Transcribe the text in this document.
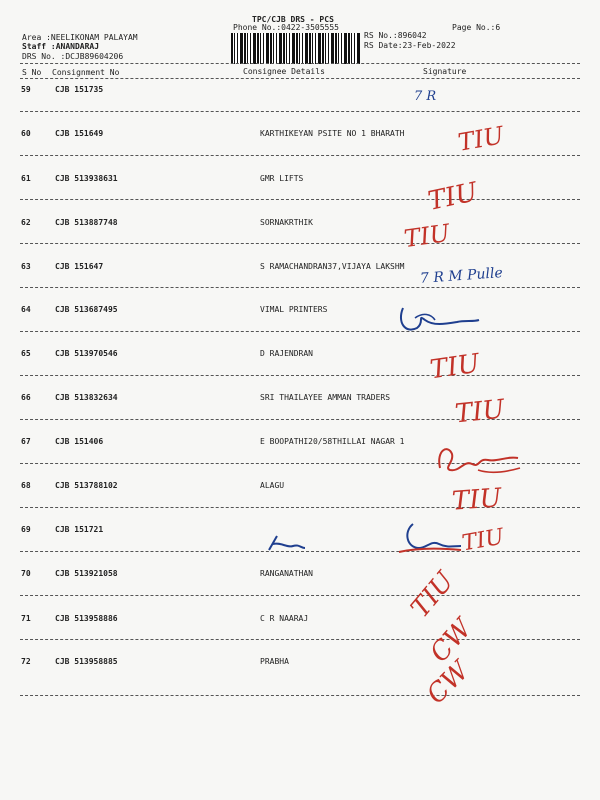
TPC/CJB DRS - PCS
Phone No.:0422-3505555	Page No.:6
Area :NEELIKONAM PALAYAM
Staff :ANANDARAJ
DRS No. :DCJB89604206
RS No.:896042
RS Date:23-Feb-2022
S No Consignment No	Consignee Details	Signature
59	CJB 151735
60	CJB 151649	KARTHIKEYAN PSITE NO 1 BHARATH
61	CJB 513938631	GMR LIFTS
62	CJB 513887748	SORNAKRTHIK
63	CJB 151647	S RAMACHANDRAN37,VIJAYA LAKSHM
64	CJB 513687495	VIMAL PRINTERS
65	CJB 513970546	D RAJENDRAN
66	CJB 513832634	SRI THAILAYEE AMMAN TRADERS
67	CJB 151406	E BOOPATHI20/58THILLAI NAGAR 1
68	CJB 513788102	ALAGU
69	CJB 151721
70	CJB 513921058	RANGANATHAN
71	CJB 513958886	C R NAARAJ
72	CJB 513958885	PRABHA
7 R
TIU
TIU
TIU
7 R M Pulle
TIU
TIU
TIU
TIU
TIU
CW
CW
